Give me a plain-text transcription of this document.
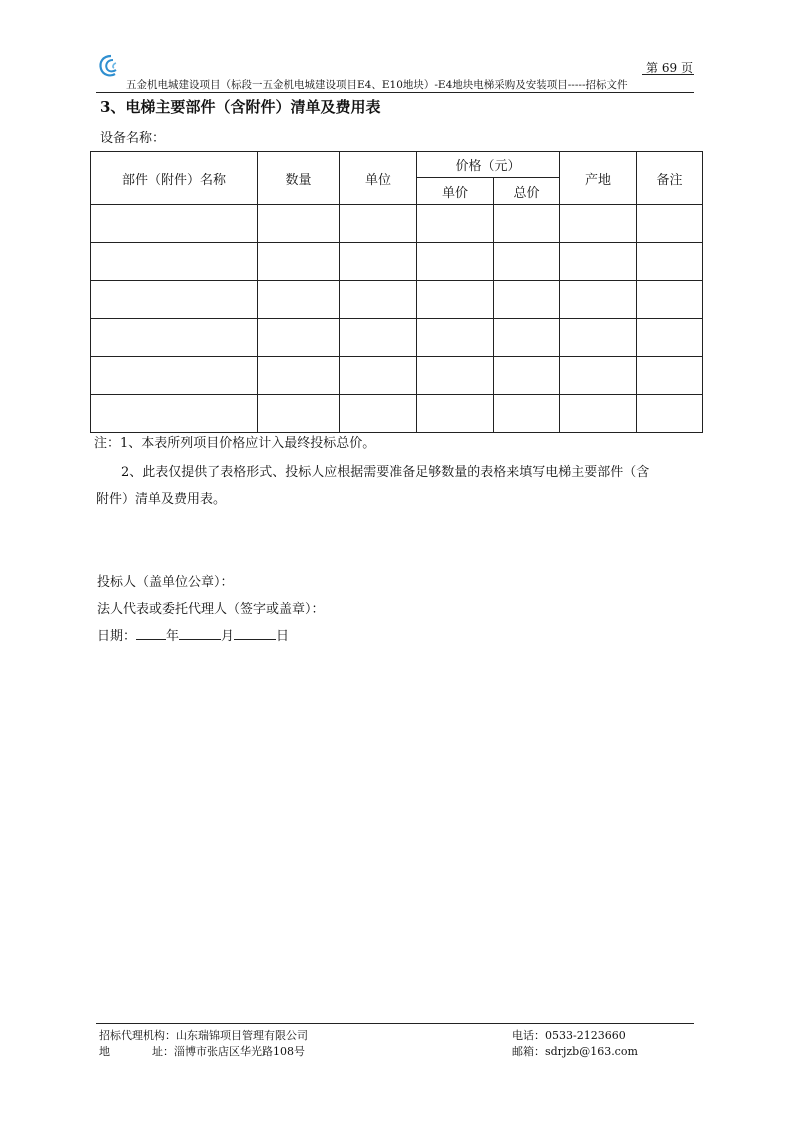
第 69 页
五金机电城建设项目（标段一五金机电城建设项目E4、E10地块）-E4地块电梯采购及安装项目-----招标文件
3、电梯主要部件（含附件）清单及费用表
设备名称：
部件（附件）名称	数量	单位	价格（元）		产地	备注
			单价	总价		

注：1、本表所列项目价格应计入最终投标总价。
2、此表仅提供了表格形式、投标人应根据需要准备足够数量的表格来填写电梯主要部件（含
附件）清单及费用表。
投标人（盖单位公章）：
法人代表或委托代理人（签字或盖章）：
日期： 年	月	日
招标代理机构：山东瑞锦项目管理有限公司	电话：0533-2123660
地	址：淄博市张店区华光路108号	邮箱：sdrjzb@163.com
